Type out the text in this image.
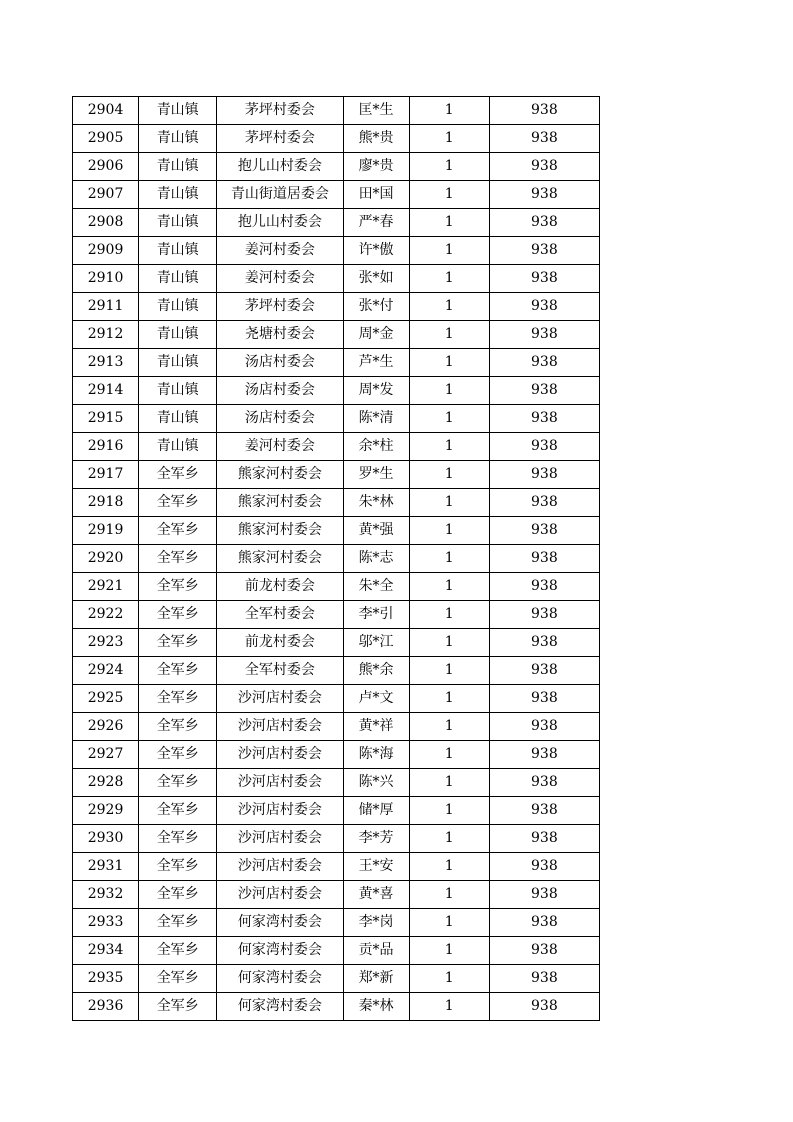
2904	青山镇	茅坪村委会	匡*生	1	938
2905	青山镇	茅坪村委会	熊*贵	1	938
2906	青山镇	抱儿山村委会	廖*贵	1	938
2907	青山镇	青山街道居委会	田*国	1	938
2908	青山镇	抱儿山村委会	严*春	1	938
2909	青山镇	姜河村委会	许*傲	1	938
2910	青山镇	姜河村委会	张*如	1	938
2911	青山镇	茅坪村委会	张*付	1	938
2912	青山镇	尧塘村委会	周*金	1	938
2913	青山镇	汤店村委会	芦*生	1	938
2914	青山镇	汤店村委会	周*发	1	938
2915	青山镇	汤店村委会	陈*清	1	938
2916	青山镇	姜河村委会	余*柱	1	938
2917	全军乡	熊家河村委会	罗*生	1	938
2918	全军乡	熊家河村委会	朱*林	1	938
2919	全军乡	熊家河村委会	黄*强	1	938
2920	全军乡	熊家河村委会	陈*志	1	938
2921	全军乡	前龙村委会	朱*全	1	938
2922	全军乡	全军村委会	李*引	1	938
2923	全军乡	前龙村委会	邬*江	1	938
2924	全军乡	全军村委会	熊*余	1	938
2925	全军乡	沙河店村委会	卢*文	1	938
2926	全军乡	沙河店村委会	黄*祥	1	938
2927	全军乡	沙河店村委会	陈*海	1	938
2928	全军乡	沙河店村委会	陈*兴	1	938
2929	全军乡	沙河店村委会	储*厚	1	938
2930	全军乡	沙河店村委会	李*芳	1	938
2931	全军乡	沙河店村委会	王*安	1	938
2932	全军乡	沙河店村委会	黄*喜	1	938
2933	全军乡	何家湾村委会	李*岗	1	938
2934	全军乡	何家湾村委会	贡*品	1	938
2935	全军乡	何家湾村委会	郑*新	1	938
2936	全军乡	何家湾村委会	秦*林	1	938
